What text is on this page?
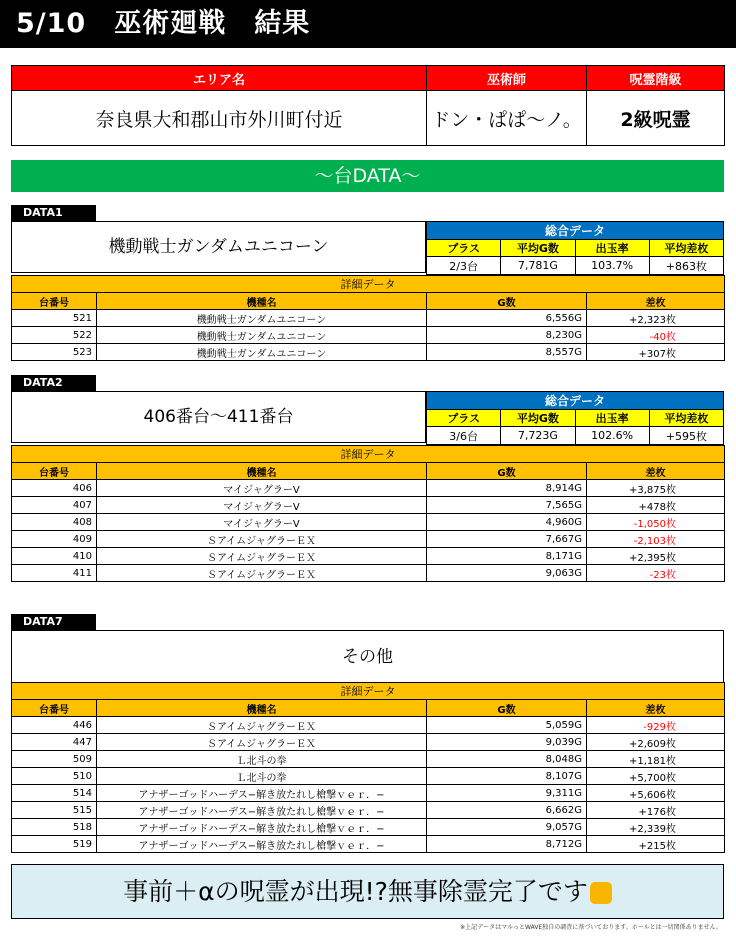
5/10　巫術廻戦　結果
エリア名	巫術師	呪霊階級
奈良県大和郡山市外川町付近	ドン・ぱぱ〜ノ。	2級呪霊
〜台DATA〜
DATA1
機動戦士ガンダムユニコーン
総合データ			
プラス	平均G数	出玉率	平均差枚
2/3台	7,781G	103.7%	+863枚
詳細データ			
台番号	機種名	G数	差枚
521	機動戦士ガンダムユニコーン	6,556G	+2,323枚
522	機動戦士ガンダムユニコーン	8,230G	-40枚
523	機動戦士ガンダムユニコーン	8,557G	+307枚
DATA2
406番台〜411番台
総合データ			
プラス	平均G数	出玉率	平均差枚
3/6台	7,723G	102.6%	+595枚
詳細データ			
台番号	機種名	G数	差枚
406	マイジャグラーV	8,914G	+3,875枚
407	マイジャグラーV	7,565G	+478枚
408	マイジャグラーV	4,960G	-1,050枚
409	ＳアイムジャグラーＥＸ	7,667G	-2,103枚
410	ＳアイムジャグラーＥＸ	8,171G	+2,395枚
411	ＳアイムジャグラーＥＸ	9,063G	-23枚
DATA7
その他
詳細データ			
台番号	機種名	G数	差枚
446	ＳアイムジャグラーＥＸ	5,059G	-929枚
447	ＳアイムジャグラーＥＸ	9,039G	+2,609枚
509	Ｌ北斗の拳	8,048G	+1,181枚
510	Ｌ北斗の拳	8,107G	+5,700枚
514	アナザーゴッドハーデス−解き放たれし槍撃ｖｅｒ．−	9,311G	+5,606枚
515	アナザーゴッドハーデス−解き放たれし槍撃ｖｅｒ．−	6,662G	+176枚
518	アナザーゴッドハーデス−解き放たれし槍撃ｖｅｒ．−	9,057G	+2,339枚
519	アナザーゴッドハーデス−解き放たれし槍撃ｖｅｒ．−	8,712G	+215枚
事前＋αの呪霊が出現!?無事除霊完了です
※上記データはマルっとWAVE独自の調査に基づいております。ホールとは一切関係ありません。
